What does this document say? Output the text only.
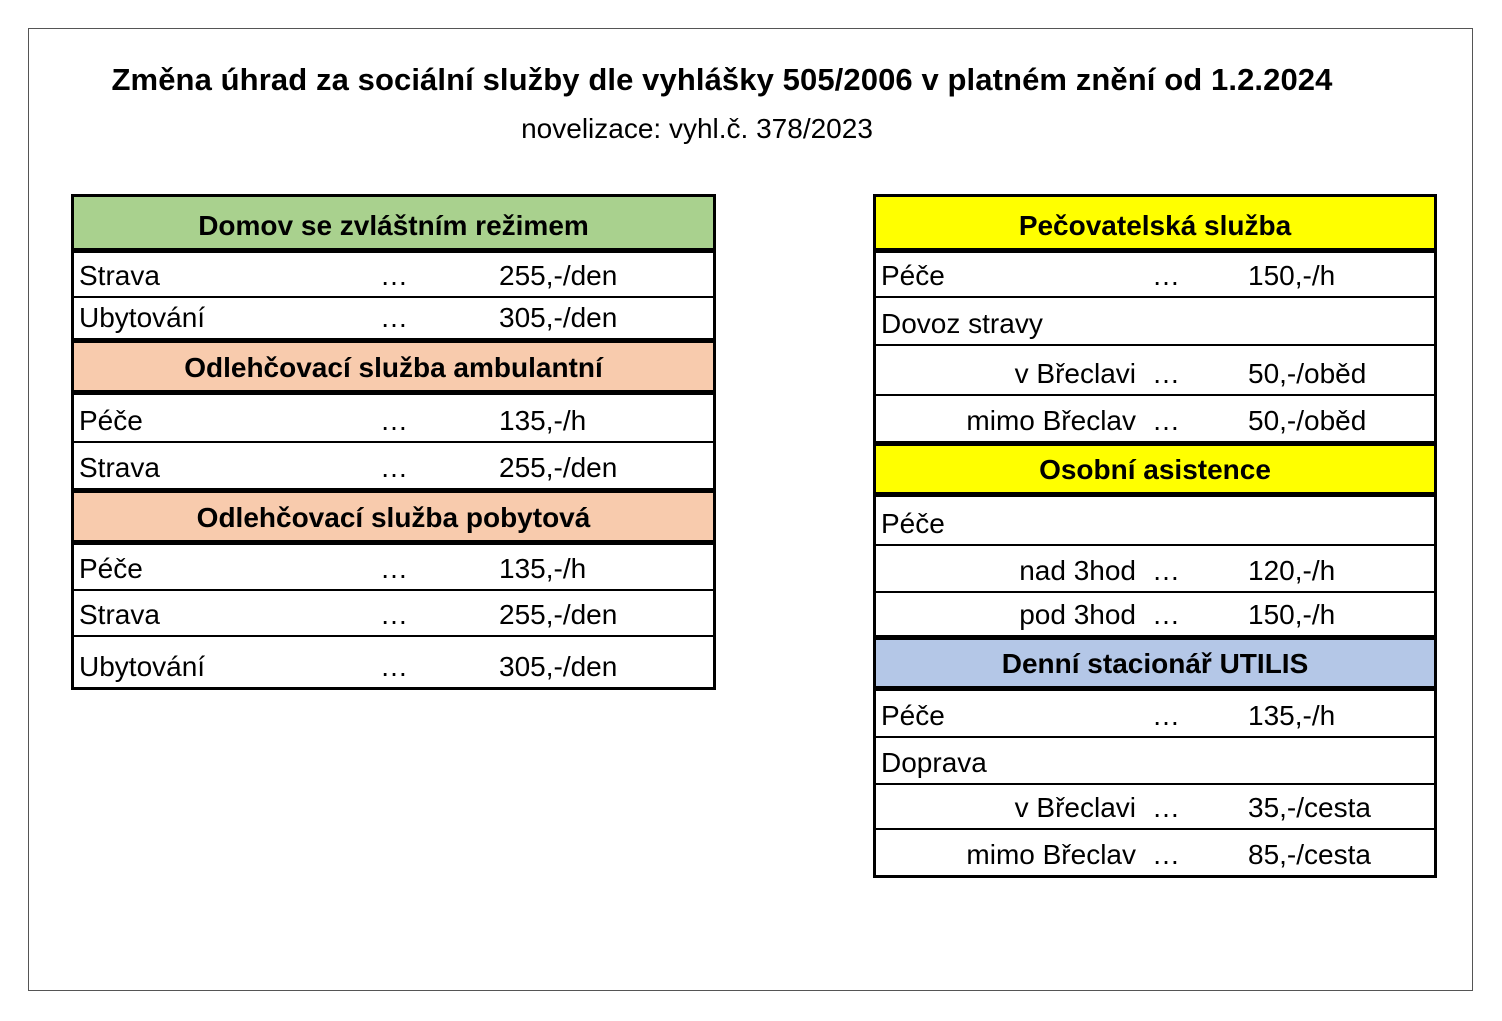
Změna úhrad za sociální služby dle vyhlášky 505/2006 v platném znění od 1.2.2024
novelizace: vyhl.č. 378/2023
Domov se zvláštním režimem
Strava	…	255,-/den
Ubytování	…	305,-/den
Odlehčovací služba ambulantní
Péče	…	135,-/h
Strava	…	255,-/den
Odlehčovací služba pobytová
Péče	…	135,-/h
Strava	…	255,-/den
Ubytování	…	305,-/den
Pečovatelská služba
Péče	… 150,-/h
Dovoz stravy
v Břeclavi … 50,-/oběd
mimo Břeclav … 50,-/oběd
Osobní asistence
Péče
nad 3hod … 120,-/h
pod 3hod … 150,-/h
Denní stacionář UTILIS
Péče	… 135,-/h
Doprava
v Břeclavi … 35,-/cesta
mimo Břeclav … 85,-/cesta
